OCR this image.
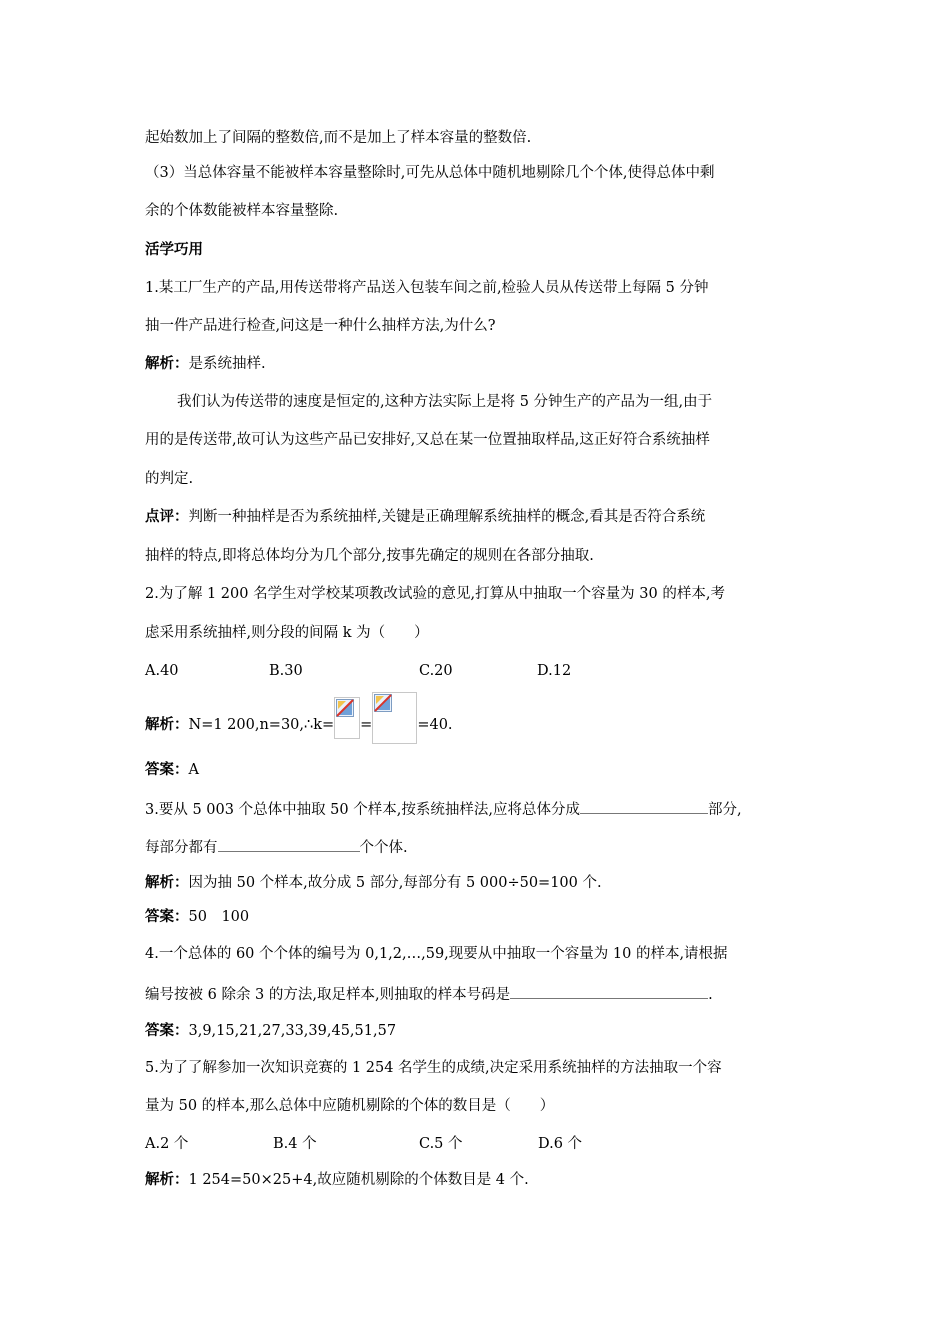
起始数加上了间隔的整数倍,而不是加上了样本容量的整数倍.
（3）当总体容量不能被样本容量整除时,可先从总体中随机地剔除几个个体,使得总体中剩
余的个体数能被样本容量整除.
活学巧用
1.某工厂生产的产品,用传送带将产品送入包装车间之前,检验人员从传送带上每隔 5 分钟
抽一件产品进行检查,问这是一种什么抽样方法,为什么?
解析：是系统抽样.
我们认为传送带的速度是恒定的,这种方法实际上是将 5 分钟生产的产品为一组,由于
用的是传送带,故可认为这些产品已安排好,又总在某一位置抽取样品,这正好符合系统抽样
的判定.
点评：判断一种抽样是否为系统抽样,关键是正确理解系统抽样的概念,看其是否符合系统
抽样的特点,即将总体均分为几个部分,按事先确定的规则在各部分抽取.
2.为了解 1 200 名学生对学校某项教改试验的意见,打算从中抽取一个容量为 30 的样本,考
虑采用系统抽样,则分段的间隔 k 为（　　）
A.40	B.30	C.20	D.12
解析：N=1 200,n=30,∴k= =	=40.
答案：A
3.要从 5 003 个总体中抽取 50 个样本,按系统抽样法,应将总体分成	部分,
每部分都有	个个体.
解析：因为抽 50 个样本,故分成 5 部分,每部分有 5 000÷50=100 个.
答案：50　100
4.一个总体的 60 个个体的编号为 0,1,2,…,59,现要从中抽取一个容量为 10 的样本,请根据
编号按被 6 除余 3 的方法,取足样本,则抽取的样本号码是	.
答案：3,9,15,21,27,33,39,45,51,57
5.为了了解参加一次知识竞赛的 1 254 名学生的成绩,决定采用系统抽样的方法抽取一个容
量为 50 的样本,那么总体中应随机剔除的个体的数目是（　　）
A.2 个	B.4 个	C.5 个	D.6 个
解析：1 254=50×25+4,故应随机剔除的个体数目是 4 个.
